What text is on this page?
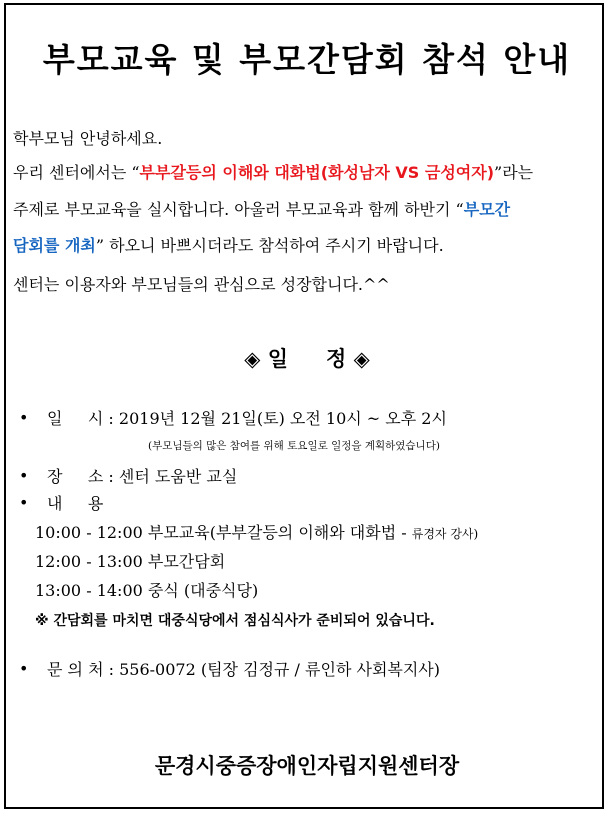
부모교육 및 부모간담회 참석 안내
학부모님 안녕하세요.
우리 센터에서는 “부부갈등의 이해와 대화법(화성남자 VS 금성여자)”라는
주제로 부모교육을 실시합니다. 아울러 부모교육과 함께 하반기 “부모간
담회를 개최” 하오니 바쁘시더라도 참석하여 주시기 바랍니다.
센터는 이용자와 부모님들의 관심으로 성장합니다.^^
◈ 일 정 ◈
• 일     시 : 2019년 12월 21일(토) 오전 10시 ~ 오후 2시
(부모님들의 많은 참여를 위해 토요일로 일정을 계획하였습니다)
• 장     소 : 센터 도움반 교실
• 내     용
10:00 - 12:00 부모교육(부부갈등의 이해와 대화법 - 류경자 강사)
12:00 - 13:00 부모간담회
13:00 - 14:00 중식 (대중식당)
※ 간담회를 마치면 대중식당에서 점심식사가 준비되어 있습니다.
• 문 의 처 : 556-0072 (팀장 김정규 / 류인하 사회복지사)
문경시중증장애인자립지원센터장
